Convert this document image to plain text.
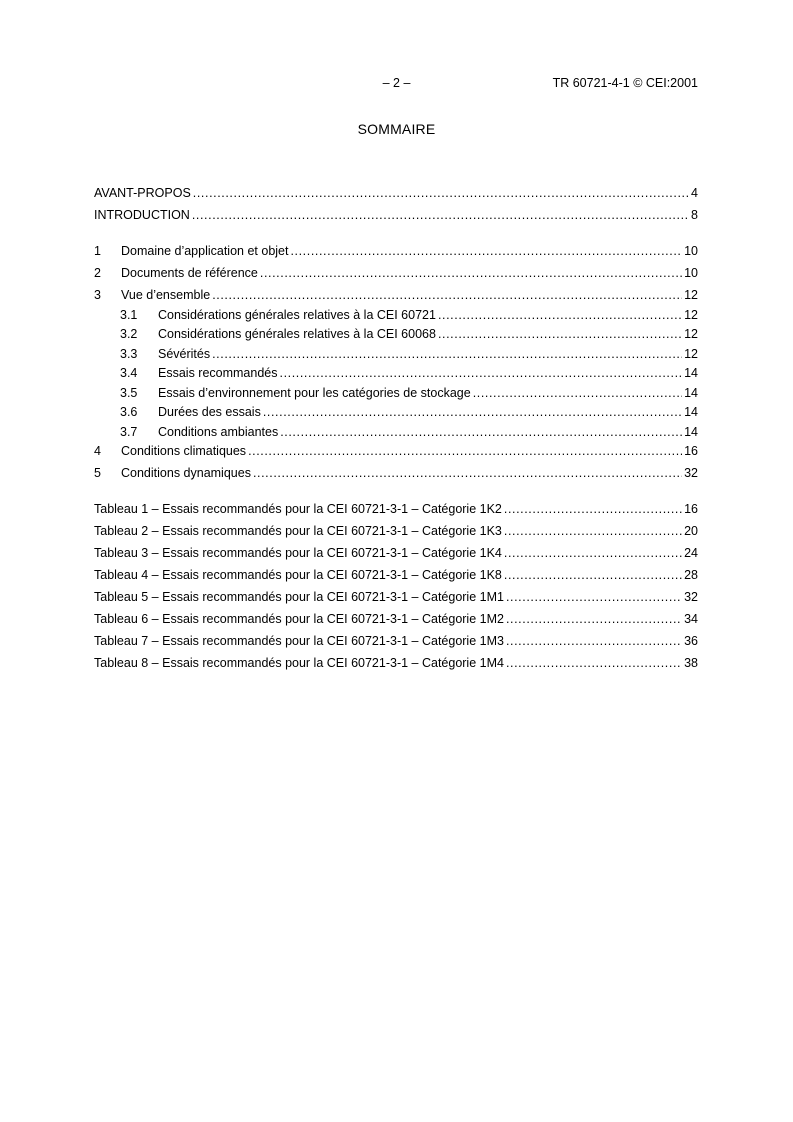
– 2 –	TR 60721-4-1 © CEI:2001
SOMMAIRE
AVANT-PROPOS .....	4
INTRODUCTION .....	8
1	Domaine d’application et objet .....	10
2	Documents de référence .....	10
3	Vue d’ensemble .....	12
3.1	Considérations générales relatives à la CEI 60721 .....	12
3.2	Considérations générales relatives à la CEI 60068 .....	12
3.3	Sévérités .....	12
3.4	Essais recommandés .....	14
3.5	Essais d’environnement pour les catégories de stockage .....	14
3.6	Durées des essais .....	14
3.7	Conditions ambiantes .....	14
4	Conditions climatiques .....	16
5	Conditions dynamiques .....	32
Tableau 1 – Essais recommandés pour la CEI 60721-3-1 – Catégorie 1K2 .....	16
Tableau 2 – Essais recommandés pour la CEI 60721-3-1 – Catégorie 1K3 .....	20
Tableau 3 – Essais recommandés pour la CEI 60721-3-1 – Catégorie 1K4 .....	24
Tableau 4 – Essais recommandés pour la CEI 60721-3-1 – Catégorie 1K8 .....	28
Tableau 5 – Essais recommandés pour la CEI 60721-3-1 – Catégorie 1M1 .....	32
Tableau 6 – Essais recommandés pour la CEI 60721-3-1 – Catégorie 1M2 .....	34
Tableau 7 – Essais recommandés pour la CEI 60721-3-1 – Catégorie 1M3 .....	36
Tableau 8 – Essais recommandés pour la CEI 60721-3-1 – Catégorie 1M4 .....	38
